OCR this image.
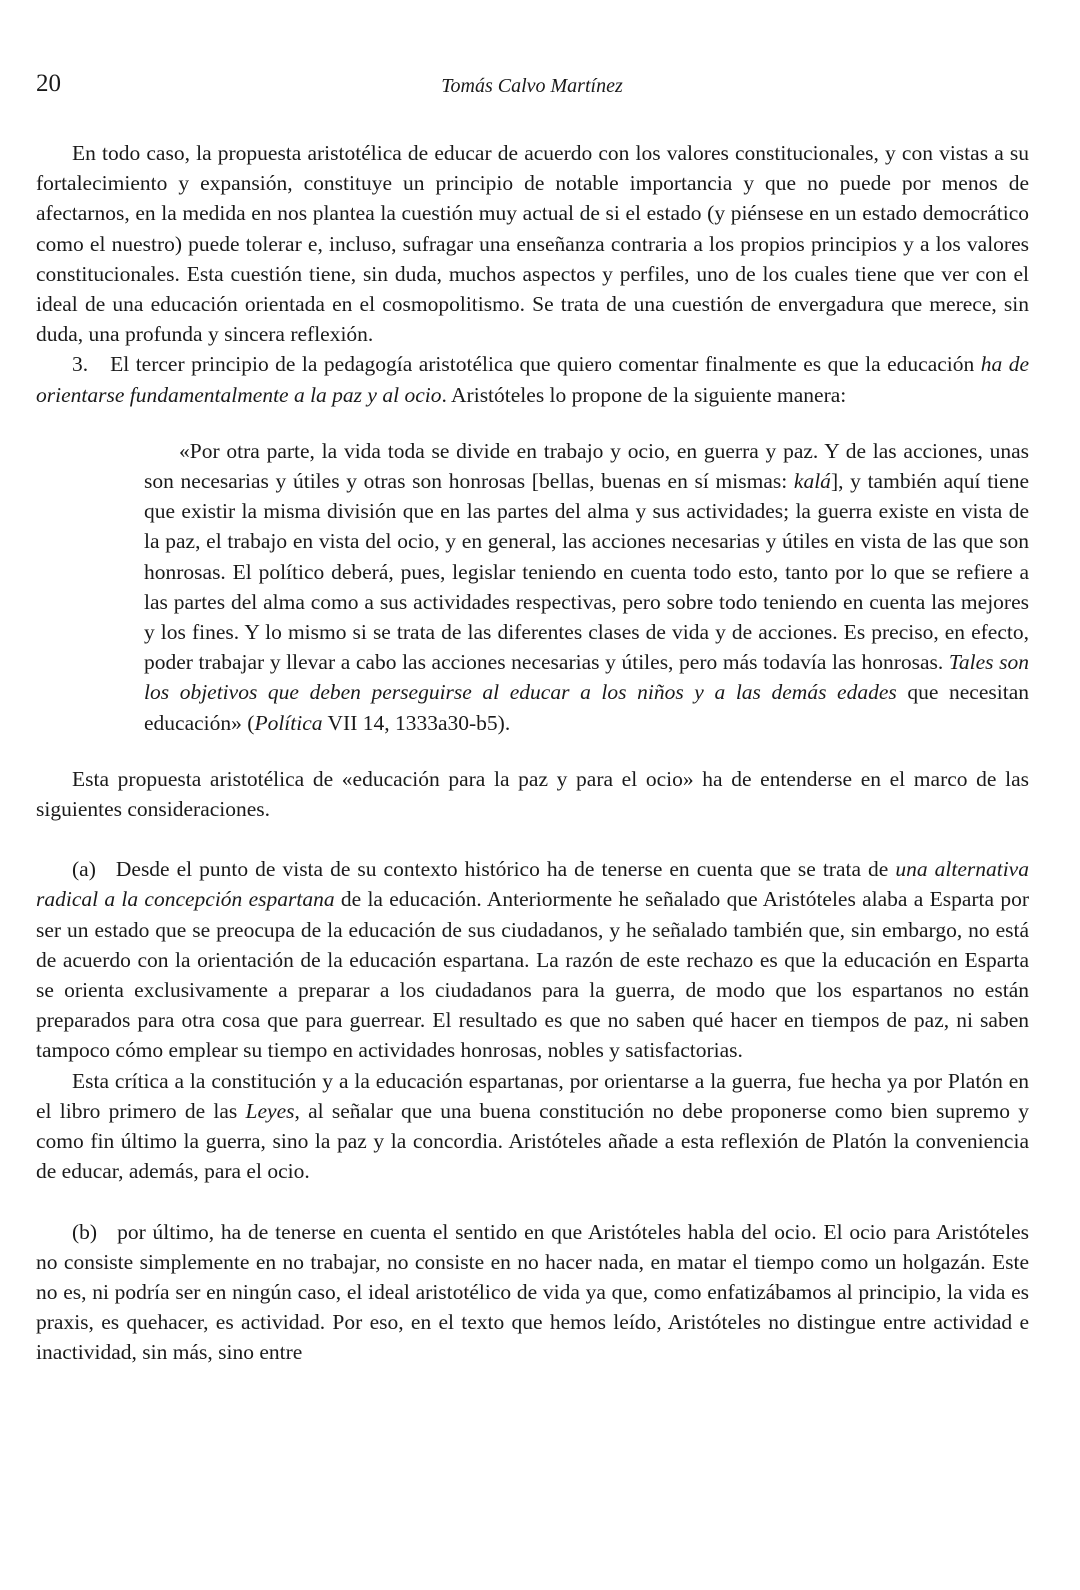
20	Tomás Calvo Martínez

En todo caso, la propuesta aristotélica de educar de acuerdo con los valores constitucionales, y con vistas a su fortalecimiento y expansión, constituye un principio de notable importancia y que no puede por menos de afectarnos, en la medida en nos plantea la cuestión muy actual de si el estado (y piénsese en un estado democrático como el nuestro) puede tolerar e, incluso, sufragar una enseñanza contraria a los propios principios y a los valores constitucionales. Esta cuestión tiene, sin duda, muchos aspectos y perfiles, uno de los cuales tiene que ver con el ideal de una educación orientada en el cosmopolitismo. Se trata de una cuestión de envergadura que merece, sin duda, una profunda y sincera reflexión.

3. El tercer principio de la pedagogía aristotélica que quiero comentar finalmente es que la educación ha de orientarse fundamentalmente a la paz y al ocio. Aristóteles lo propone de la siguiente manera:

«Por otra parte, la vida toda se divide en trabajo y ocio, en guerra y paz. Y de las acciones, unas son necesarias y útiles y otras son honrosas [bellas, buenas en sí mismas: kalá], y también aquí tiene que existir la misma división que en las partes del alma y sus actividades; la guerra existe en vista de la paz, el trabajo en vista del ocio, y en general, las acciones necesarias y útiles en vista de las que son honrosas. El político deberá, pues, legislar teniendo en cuenta todo esto, tanto por lo que se refiere a las partes del alma como a sus actividades respectivas, pero sobre todo teniendo en cuenta las mejores y los fines. Y lo mismo si se trata de las diferentes clases de vida y de acciones. Es preciso, en efecto, poder trabajar y llevar a cabo las acciones necesarias y útiles, pero más todavía las honrosas. Tales son los objetivos que deben perseguirse al educar a los niños y a las demás edades que necesitan educación» (Política VII 14, 1333a30-b5).

Esta propuesta aristotélica de «educación para la paz y para el ocio» ha de entenderse en el marco de las siguientes consideraciones.

(a) Desde el punto de vista de su contexto histórico ha de tenerse en cuenta que se trata de una alternativa radical a la concepción espartana de la educación. Anteriormente he señalado que Aristóteles alaba a Esparta por ser un estado que se preocupa de la educación de sus ciudadanos, y he señalado también que, sin embargo, no está de acuerdo con la orientación de la educación espartana. La razón de este rechazo es que la educación en Esparta se orienta exclusivamente a preparar a los ciudadanos para la guerra, de modo que los espartanos no están preparados para otra cosa que para guerrear. El resultado es que no saben qué hacer en tiempos de paz, ni saben tampoco cómo emplear su tiempo en actividades honrosas, nobles y satisfactorias.

Esta crítica a la constitución y a la educación espartanas, por orientarse a la guerra, fue hecha ya por Platón en el libro primero de las Leyes, al señalar que una buena constitución no debe proponerse como bien supremo y como fin último la guerra, sino la paz y la concordia. Aristóteles añade a esta reflexión de Platón la conveniencia de educar, además, para el ocio.

(b) por último, ha de tenerse en cuenta el sentido en que Aristóteles habla del ocio. El ocio para Aristóteles no consiste simplemente en no trabajar, no consiste en no hacer nada, en matar el tiempo como un holgazán. Este no es, ni podría ser en ningún caso, el ideal aristotélico de vida ya que, como enfatizábamos al principio, la vida es praxis, es quehacer, es actividad. Por eso, en el texto que hemos leído, Aristóteles no distingue entre actividad e inactividad, sin más, sino entre
